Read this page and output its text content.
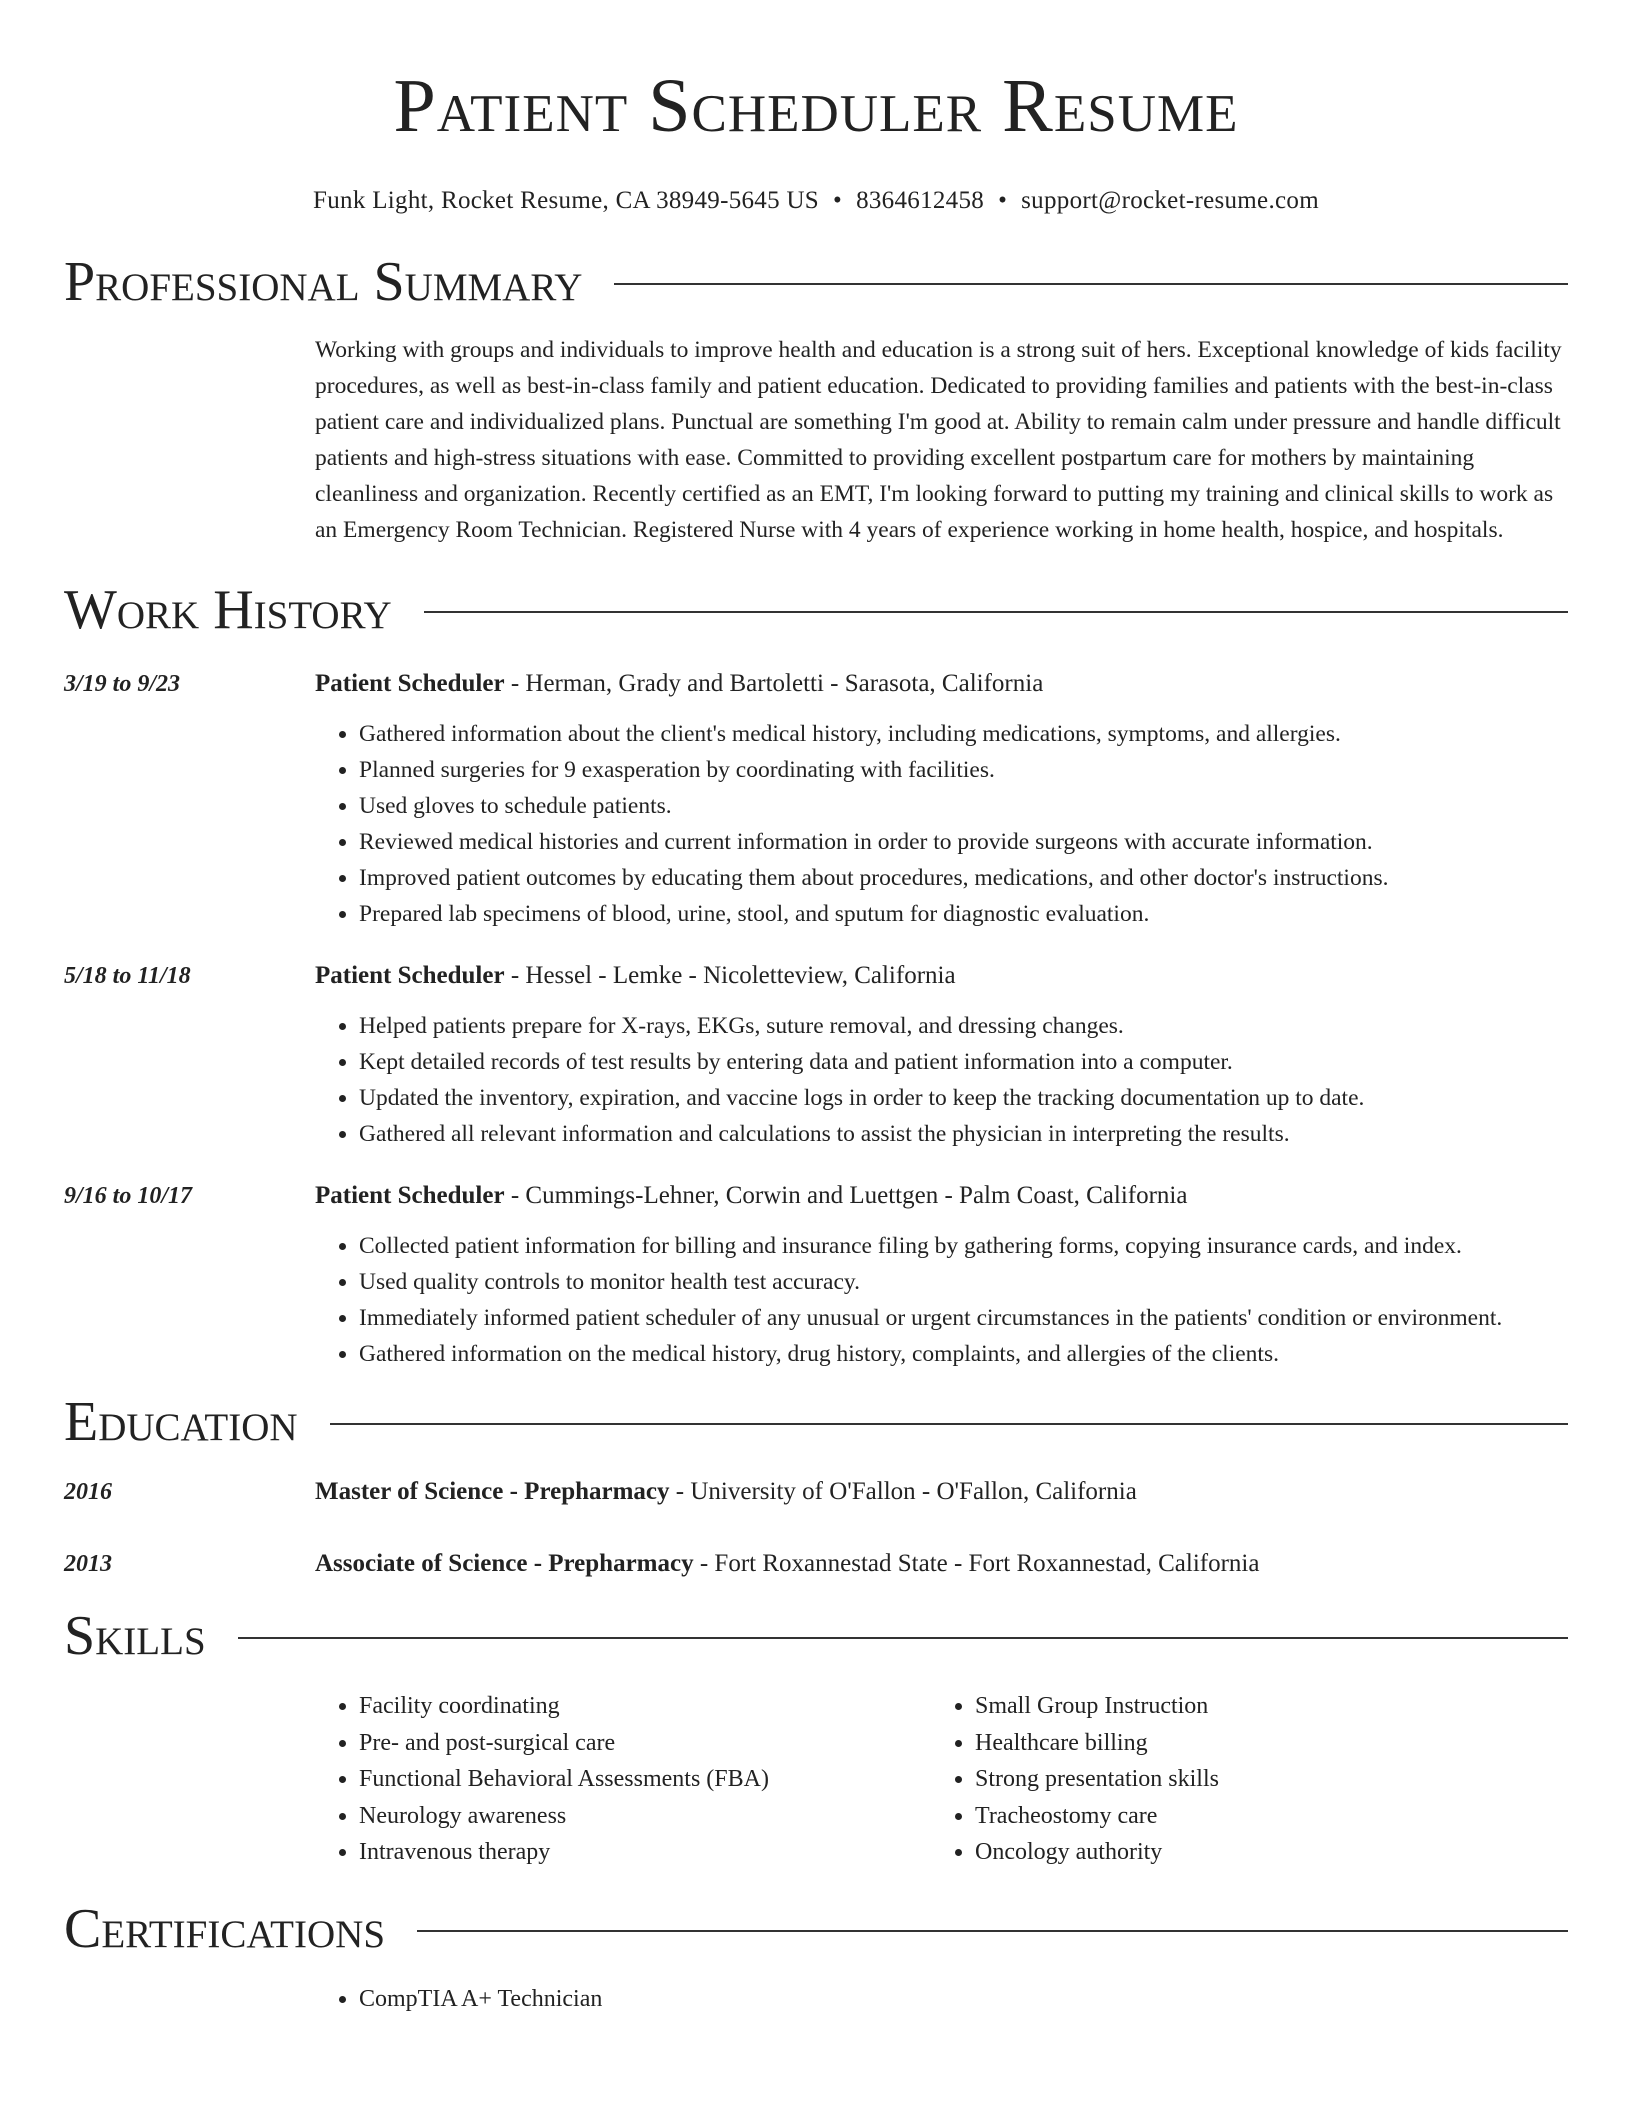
Patient Scheduler Resume
Funk Light, Rocket Resume, CA 38949-5645 US • 8364612458 • support@rocket-resume.com
Professional Summary
Working with groups and individuals to improve health and education is a strong suit of hers. Exceptional knowledge of kids facility procedures, as well as best-in-class family and patient education. Dedicated to providing families and patients with the best-in-class patient care and individualized plans. Punctual are something I'm good at. Ability to remain calm under pressure and handle difficult patients and high-stress situations with ease. Committed to providing excellent postpartum care for mothers by maintaining cleanliness and organization. Recently certified as an EMT, I'm looking forward to putting my training and clinical skills to work as an Emergency Room Technician. Registered Nurse with 4 years of experience working in home health, hospice, and hospitals.
Work History
3/19 to 9/23	Patient Scheduler - Herman, Grady and Bartoletti - Sarasota, California
• Gathered information about the client's medical history, including medications, symptoms, and allergies.
• Planned surgeries for 9 exasperation by coordinating with facilities.
• Used gloves to schedule patients.
• Reviewed medical histories and current information in order to provide surgeons with accurate information.
• Improved patient outcomes by educating them about procedures, medications, and other doctor's instructions.
• Prepared lab specimens of blood, urine, stool, and sputum for diagnostic evaluation.
5/18 to 11/18	Patient Scheduler - Hessel - Lemke - Nicoletteview, California
• Helped patients prepare for X-rays, EKGs, suture removal, and dressing changes.
• Kept detailed records of test results by entering data and patient information into a computer.
• Updated the inventory, expiration, and vaccine logs in order to keep the tracking documentation up to date.
• Gathered all relevant information and calculations to assist the physician in interpreting the results.
9/16 to 10/17	Patient Scheduler - Cummings-Lehner, Corwin and Luettgen - Palm Coast, California
• Collected patient information for billing and insurance filing by gathering forms, copying insurance cards, and index.
• Used quality controls to monitor health test accuracy.
• Immediately informed patient scheduler of any unusual or urgent circumstances in the patients' condition or environment.
• Gathered information on the medical history, drug history, complaints, and allergies of the clients.
Education
2016	Master of Science - Prepharmacy - University of O'Fallon - O'Fallon, California
2013	Associate of Science - Prepharmacy - Fort Roxannestad State - Fort Roxannestad, California
Skills
• Facility coordinating
• Pre- and post-surgical care
• Functional Behavioral Assessments (FBA)
• Neurology awareness
• Intravenous therapy
• Small Group Instruction
• Healthcare billing
• Strong presentation skills
• Tracheostomy care
• Oncology authority
Certifications
• CompTIA A+ Technician
